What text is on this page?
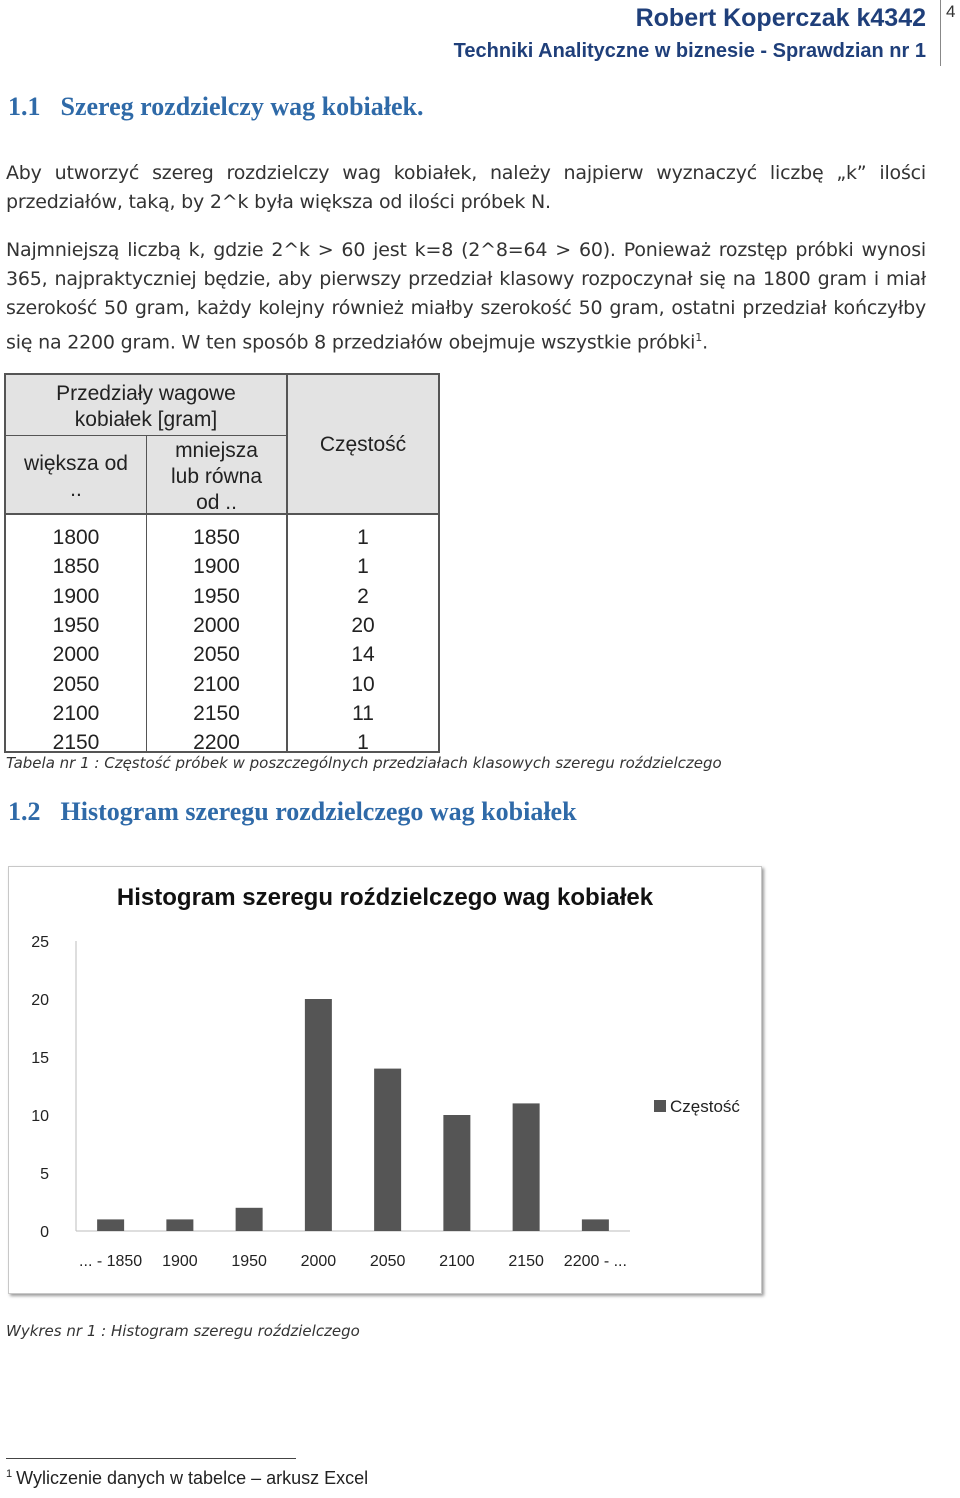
Robert Koperczak k4342
Techniki Analityczne w biznesie - Sprawdzian nr 1
4
1.1 Szereg rozdzielczy wag kobiałek.
Aby utworzyć szereg rozdzielczy wag kobiałek, należy najpierw wyznaczyć liczbę „k” ilości przedziałów, taką, by 2^k była większa od ilości próbek N.
Najmniejszą liczbą k, gdzie 2^k > 60 jest k=8 (2^8=64 > 60). Ponieważ rozstęp próbki wynosi 365, najpraktyczniej będzie, aby pierwszy przedział klasowy rozpoczynał się na 1800 gram i miał szerokość 50 gram, każdy kolejny również miałby szerokość 50 gram, ostatni przedział kończyłby się na 2200 gram. W ten sposób 8 przedziałów obejmuje wszystkie próbki$^1$.
Przedziały wagowe
kobiałek [gram]
większa od
..
mniejsza
lub równa
od ..
Częstość
1800	1850	1
1850	1900	1
1900	1950	2
1950	2000	20
2000	2050	14
2050	2100	10
2100	2150	11
2150	2200	1
Tabela nr 1 : Częstość próbek w poszczególnych przedziałach klasowych szeregu roździelczego
1.2 Histogram szeregu rozdzielczego wag kobiałek
Histogram szeregu roździelczego wag kobiałek
0
5
10
15
20
25
... - 1850 1900 1950 2000 2050 2100 2150 2200 - ...
Częstość
Wykres nr 1 : Histogram szeregu roździelczego
$^1$ Wyliczenie danych w tabelce – arkusz Excel
